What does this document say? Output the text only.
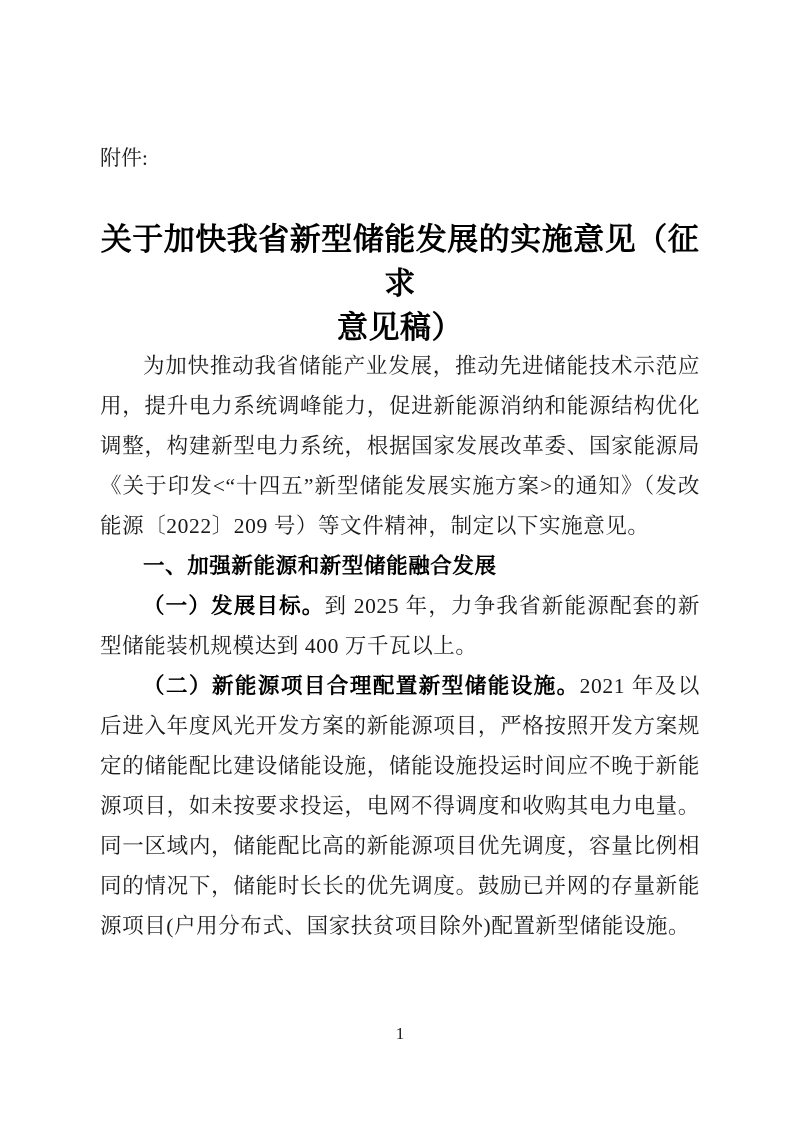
附件:
关于加快我省新型储能发展的实施意见（征求
意见稿）

为加快推动我省储能产业发展，推动先进储能技术示范应用，提升电力系统调峰能力，促进新能源消纳和能源结构优化调整，构建新型电力系统，根据国家发展改革委、国家能源局《关于印发<“十四五”新型储能发展实施方案>的通知》（发改能源〔2022〕209 号）等文件精神，制定以下实施意见。

一、加强新能源和新型储能融合发展

（一）发展目标。到 2025 年，力争我省新能源配套的新型储能装机规模达到 400 万千瓦以上。

（二）新能源项目合理配置新型储能设施。2021 年及以后进入年度风光开发方案的新能源项目，严格按照开发方案规定的储能配比建设储能设施，储能设施投运时间应不晚于新能源项目，如未按要求投运，电网不得调度和收购其电力电量。同一区域内，储能配比高的新能源项目优先调度，容量比例相同的情况下，储能时长长的优先调度。鼓励已并网的存量新能源项目(户用分布式、国家扶贫项目除外)配置新型储能设施。

1
